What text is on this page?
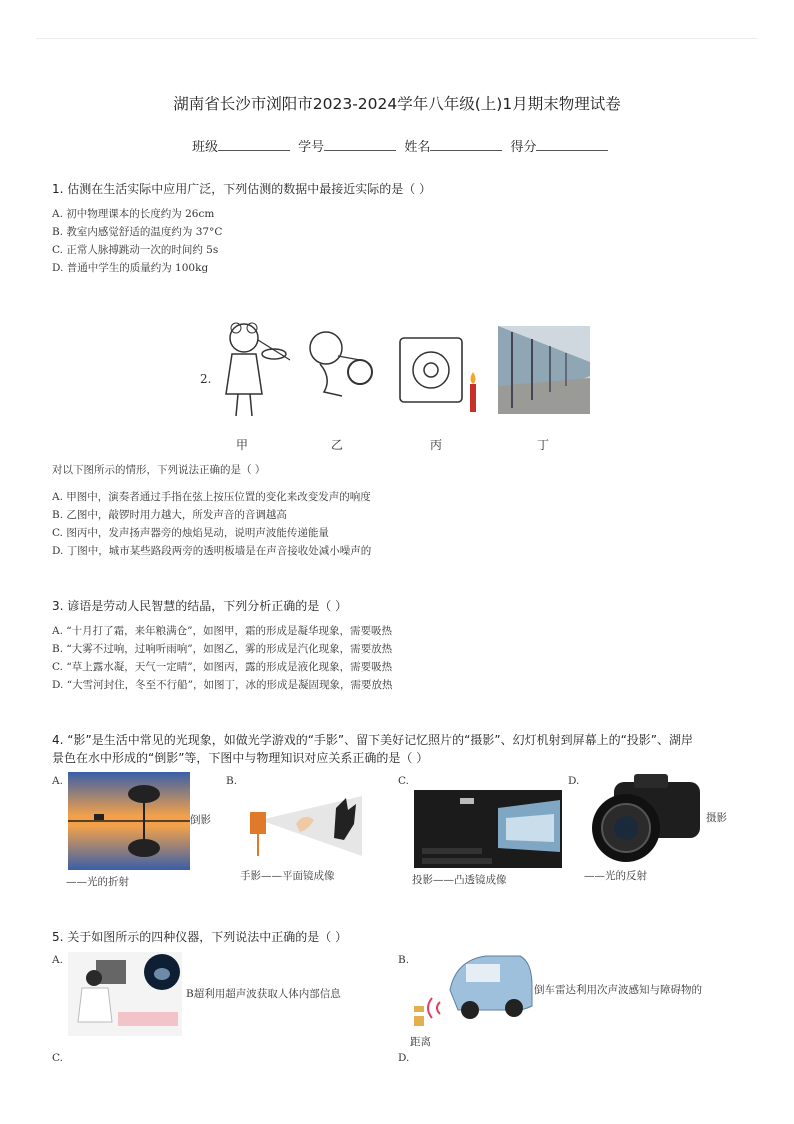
湖南省长沙市浏阳市2023-2024学年八年级(上)1月期末物理试卷
班级	学号	姓名	得分
1. 估测在生活实际中应用广泛，下列估测的数据中最接近实际的是（ ）
A. 初中物理课本的长度约为 26cm
B. 教室内感觉舒适的温度约为 37°C
C. 正常人脉搏跳动一次的时间约 5s
D. 普通中学生的质量约为 100kg
2.
甲	乙	丙	丁
对以下图所示的情形，下列说法正确的是（ ）
A. 甲图中，演奏者通过手指在弦上按压位置的变化来改变发声的响度
B. 乙图中，敲锣时用力越大，所发声音的音调越高
C. 图丙中，发声扬声器旁的烛焰晃动，说明声波能传递能量
D. 丁图中，城市某些路段两旁的透明板墙是在声音接收处减小噪声的
3. 谚语是劳动人民智慧的结晶，下列分析正确的是（ ）
A. “十月打了霜，来年粮满仓”，如图甲，霜的形成是凝华现象，需要吸热
B. “大雾不过响，过响听雨响”，如图乙，雾的形成是汽化现象，需要放热
C. “草上露水凝，天气一定晴”，如图丙，露的形成是液化现象，需要吸热
D. “大雪河封住，冬至不行船”，如图丁，冰的形成是凝固现象，需要放热
4. “影”是生活中常见的光现象，如做光学游戏的“手影”、留下美好记忆照片的“摄影”、幻灯机射到屏幕上的“投影”、湖岸
景色在水中形成的“倒影”等，下图中与物理知识对应关系正确的是（ ）
A.
倒影
——光的折射
B.
手影——平面镜成像
C.
投影——凸透镜成像
D.
摄影
——光的反射
5. 关于如图所示的四种仪器，下列说法中正确的是（ ）
A.
B超利用超声波获取人体内部信息
B.
倒车雷达利用次声波感知与障碍物的
距离
C.	D.
